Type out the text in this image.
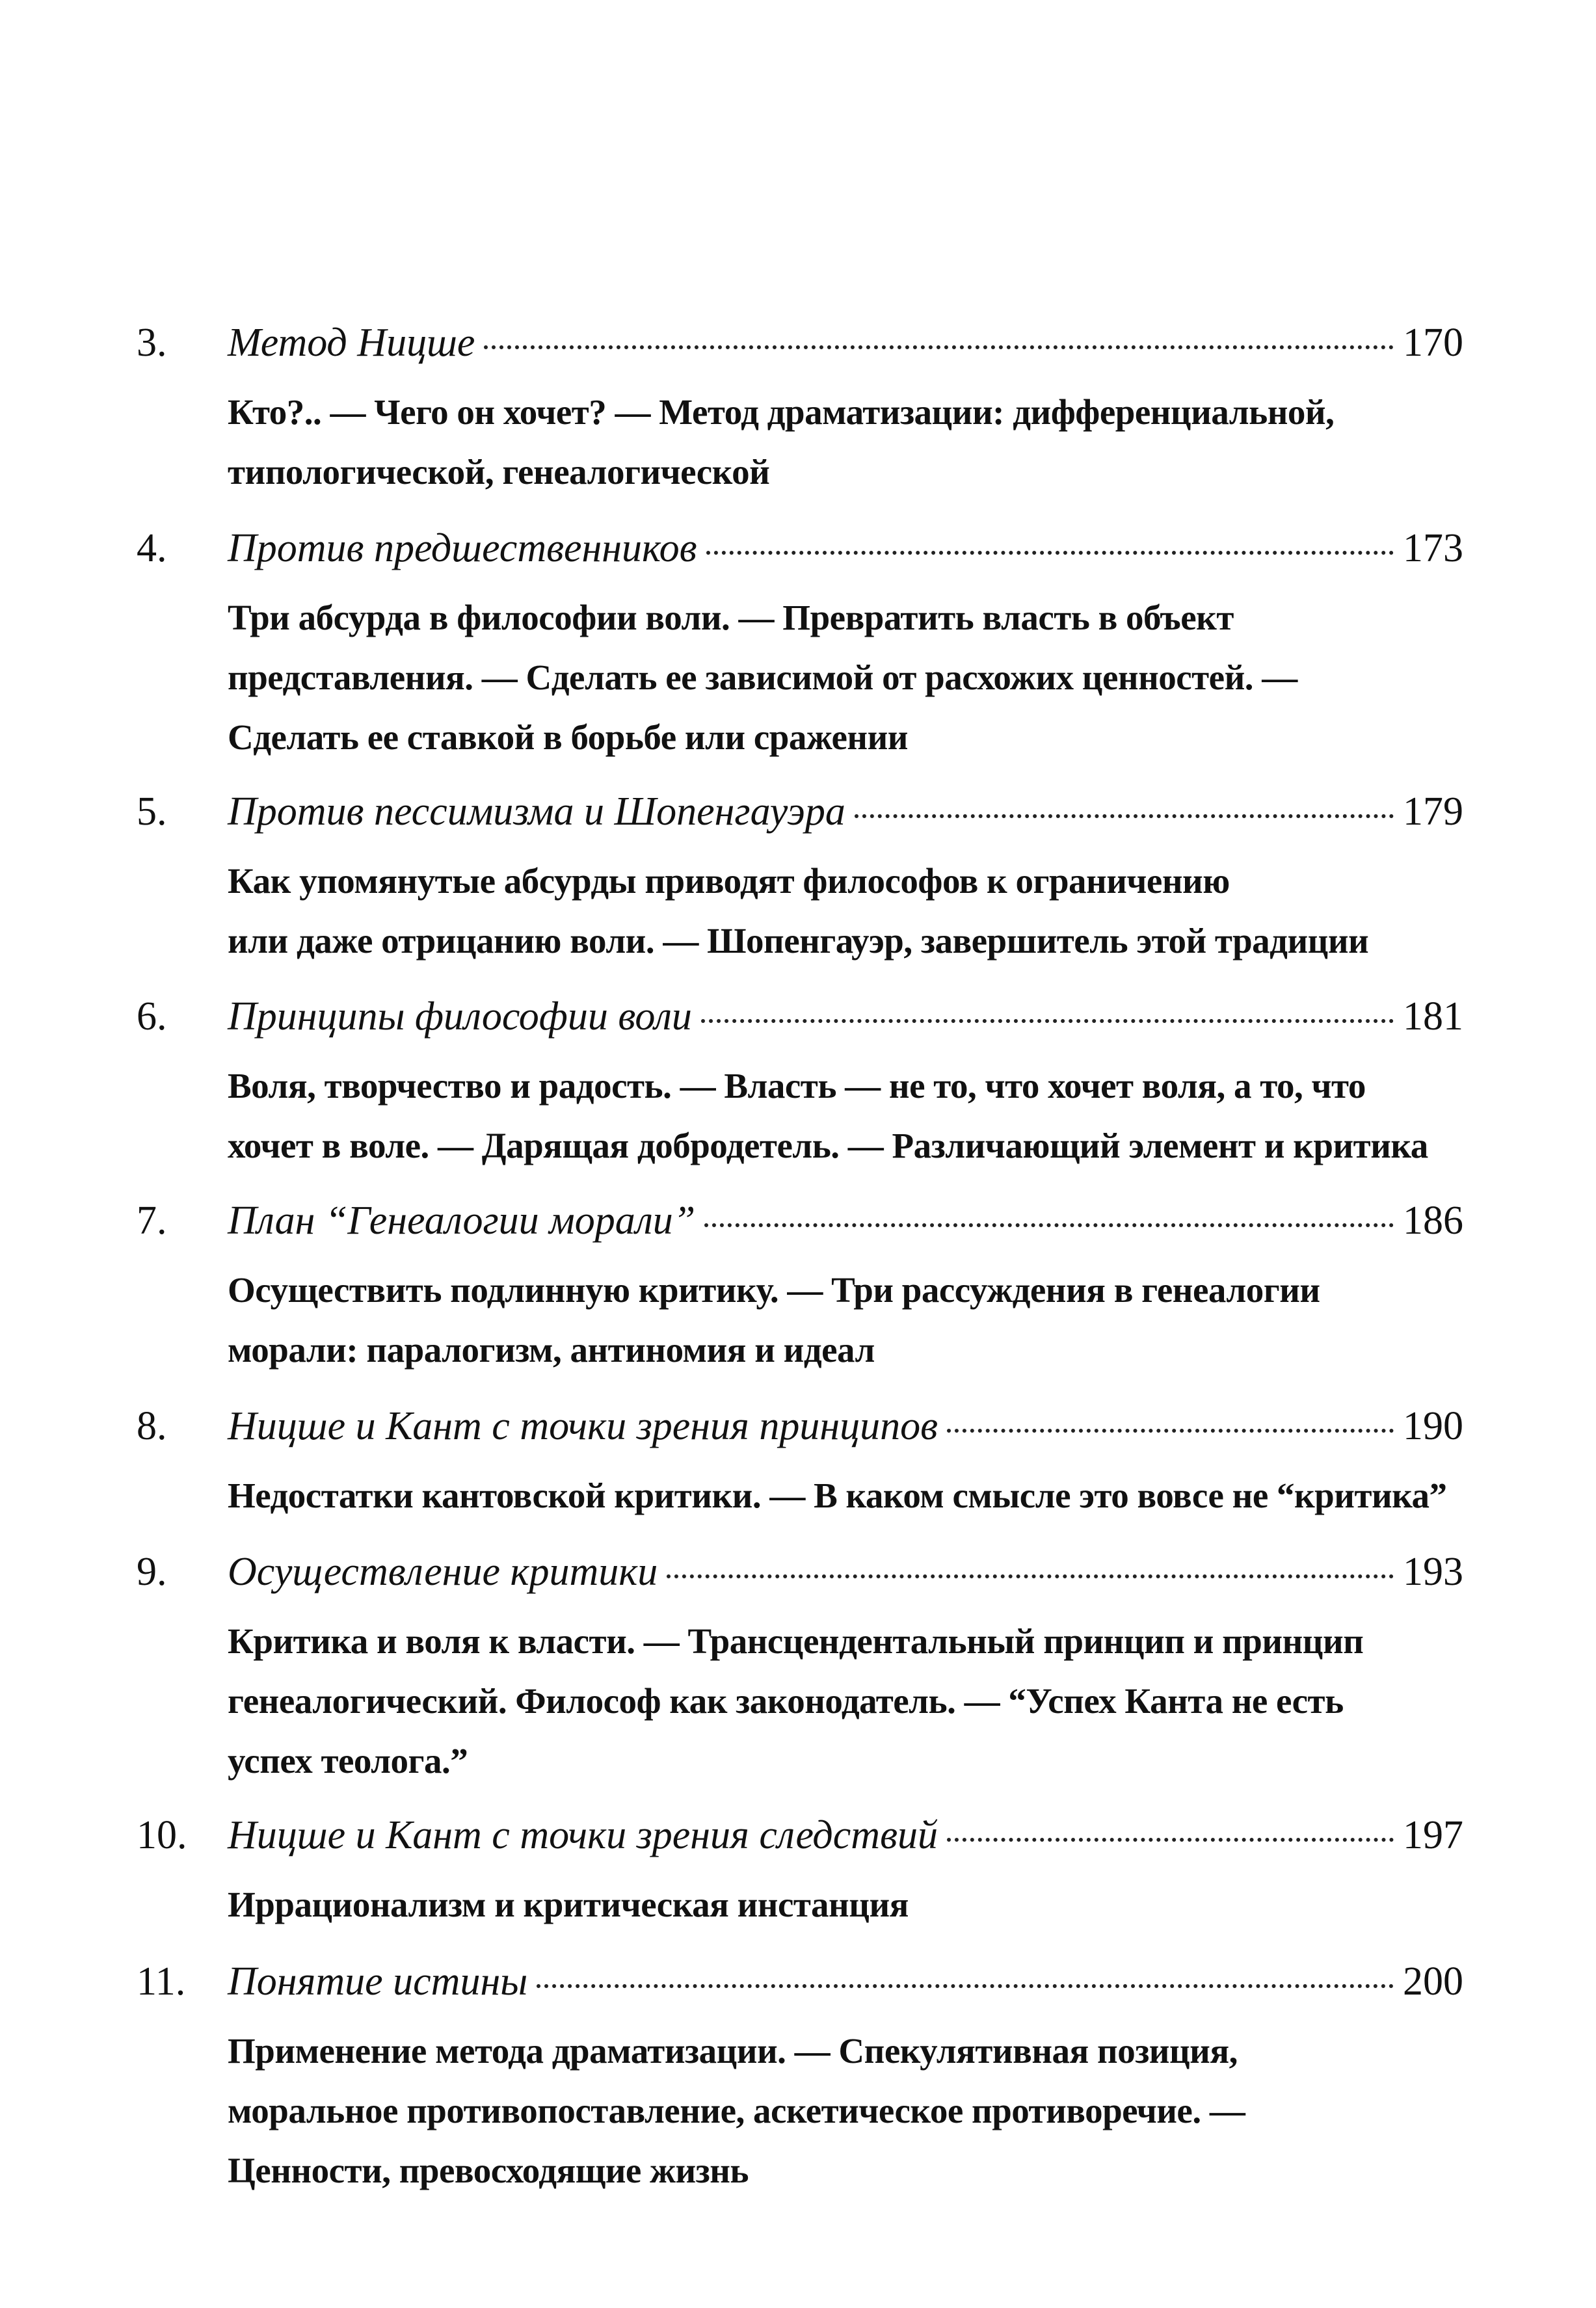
3.	Метод Ницше	170
Кто?.. — Чего он хочет? — Метод драматизации: дифференциальной,
типологической, генеалогической
4.	Против предшественников	173
Три абсурда в философии воли. — Превратить власть в объект
представления. — Сделать ее зависимой от расхожих ценностей. —
Сделать ее ставкой в борьбе или сражении
5.	Против пессимизма и Шопенгауэра	179
Как упомянутые абсурды приводят философов к ограничению
или даже отрицанию воли. — Шопенгауэр, завершитель этой традиции
6.	Принципы философии воли	181
Воля, творчество и радость. — Власть — не то, что хочет воля, а то, что
хочет в воле. — Дарящая добродетель. — Различающий элемент и критика
7.	План “Генеалогии морали”	186
Осуществить подлинную критику. — Три рассуждения в генеалогии
морали: паралогизм, антиномия и идеал
8.	Ницше и Кант с точки зрения принципов	190
Недостатки кантовской критики. — В каком смысле это вовсе не “критика”
9.	Осуществление критики	193
Критика и воля к власти. — Трансцендентальный принцип и принцип
генеалогический. Философ как законодатель. — “Успех Канта не есть
успех теолога.”
10.	Ницше и Кант с точки зрения следствий	197
Иррационализм и критическая инстанция
11.	Понятие истины	200
Применение метода драматизации. — Спекулятивная позиция,
моральное противопоставление, аскетическое противоречие. —
Ценности, превосходящие жизнь
